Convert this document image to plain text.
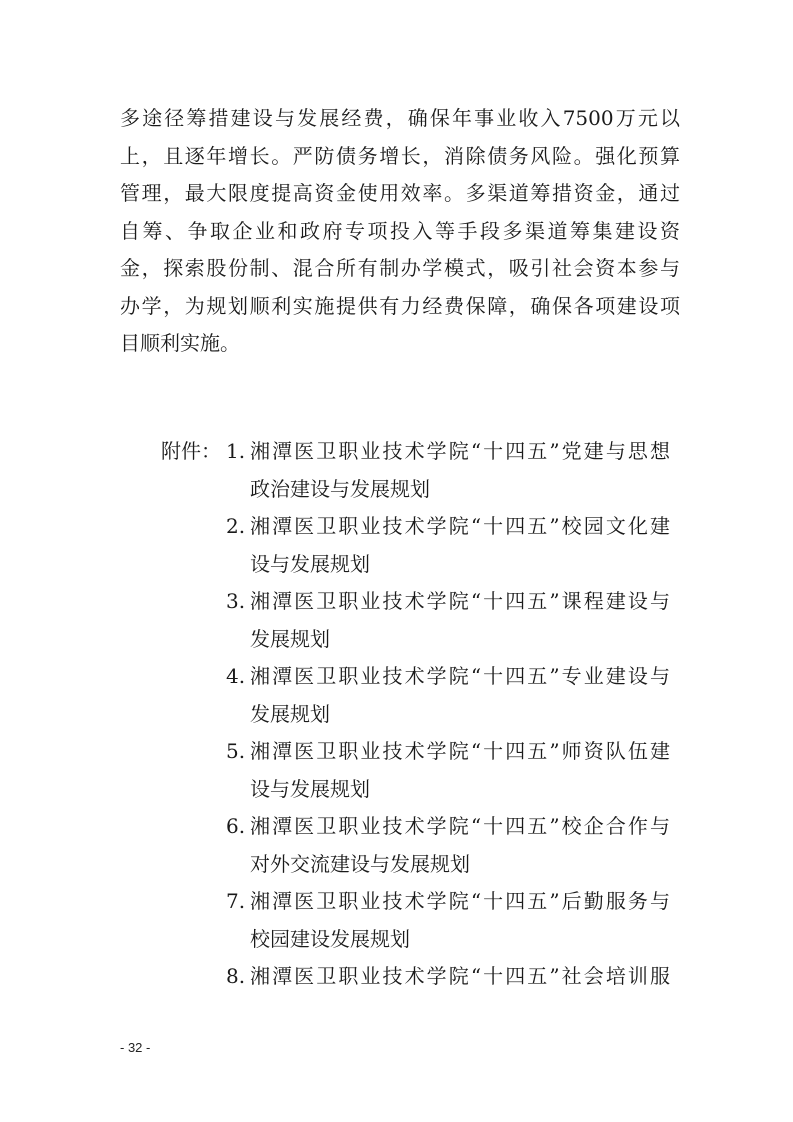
多途径筹措建设与发展经费，确保年事业收入7500万元以
上，且逐年增长。严防债务增长，消除债务风险。强化预算
管理，最大限度提高资金使用效率。多渠道筹措资金，通过
自筹、争取企业和政府专项投入等手段多渠道筹集建设资
金，探索股份制、混合所有制办学模式，吸引社会资本参与
办学，为规划顺利实施提供有力经费保障，确保各项建设项
目顺利实施。
附件： 1. 湘潭医卫职业技术学院“十四五”党建与思想
政治建设与发展规划
2. 湘潭医卫职业技术学院“十四五”校园文化建
设与发展规划
3. 湘潭医卫职业技术学院“十四五”课程建设与
发展规划
4. 湘潭医卫职业技术学院“十四五”专业建设与
发展规划
5. 湘潭医卫职业技术学院“十四五”师资队伍建
设与发展规划
6. 湘潭医卫职业技术学院“十四五”校企合作与
对外交流建设与发展规划
7. 湘潭医卫职业技术学院“十四五”后勤服务与
校园建设发展规划
8. 湘潭医卫职业技术学院“十四五”社会培训服
- 32 -
